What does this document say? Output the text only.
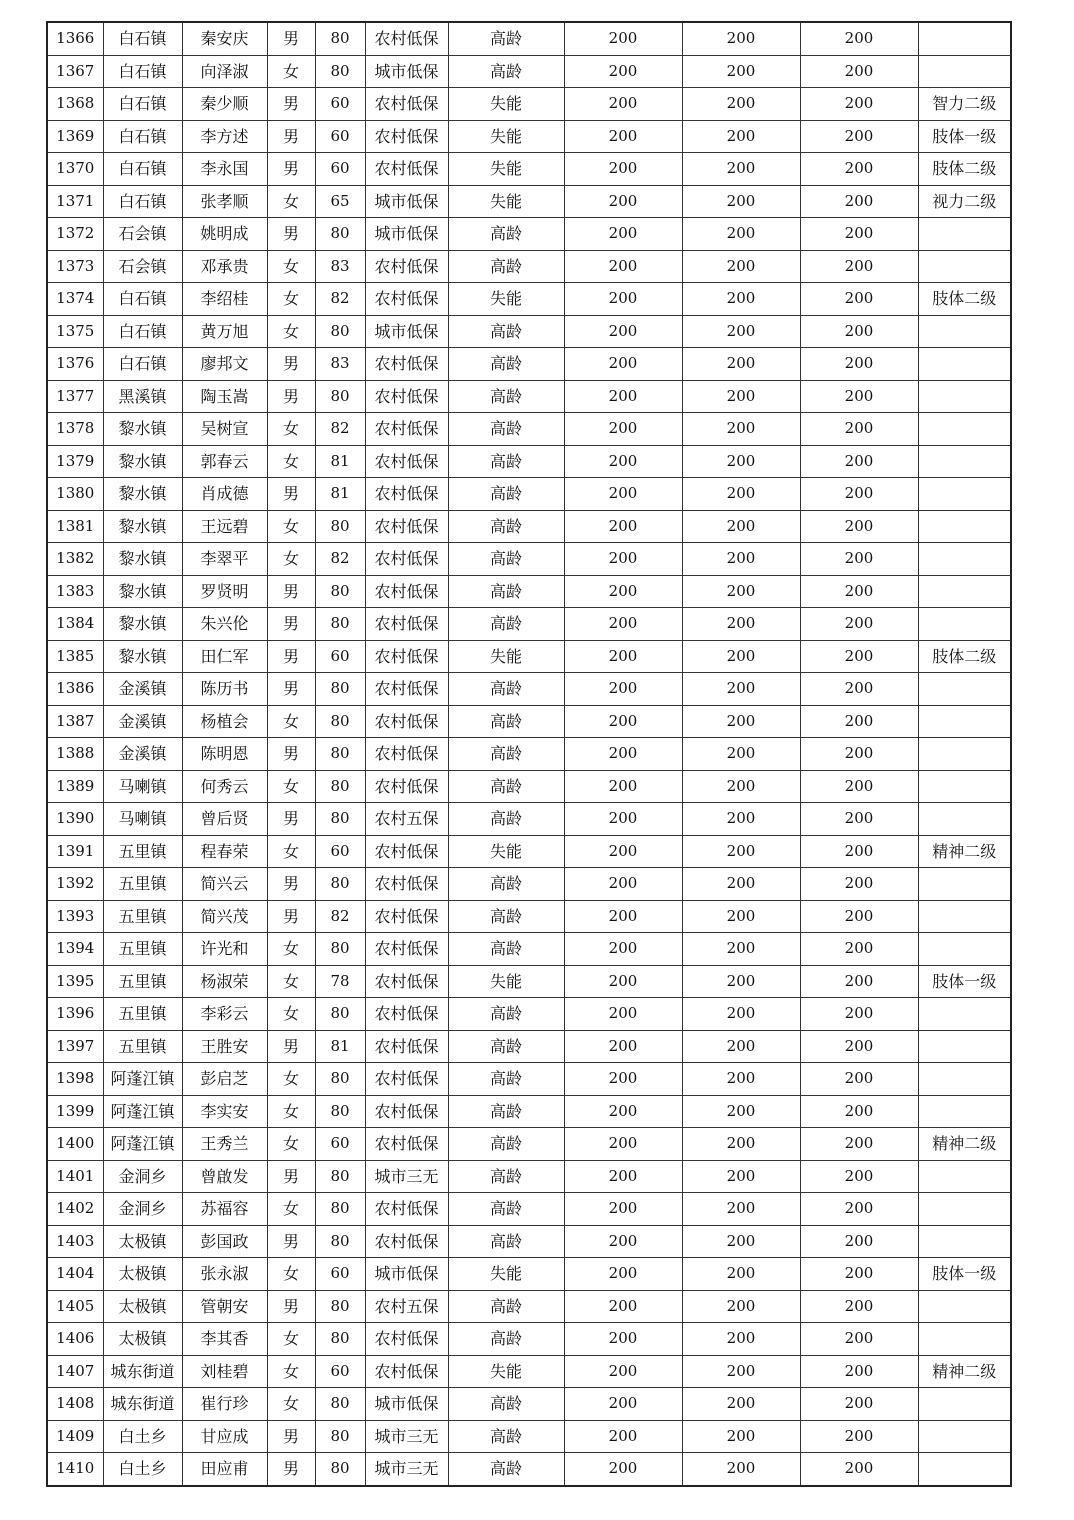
1366	白石镇	秦安庆	男	80	农村低保	高龄	200	200	200	
1367	白石镇	向泽淑	女	80	城市低保	高龄	200	200	200	
1368	白石镇	秦少顺	男	60	农村低保	失能	200	200	200	智力二级
1369	白石镇	李方述	男	60	农村低保	失能	200	200	200	肢体一级
1370	白石镇	李永国	男	60	农村低保	失能	200	200	200	肢体二级
1371	白石镇	张孝顺	女	65	城市低保	失能	200	200	200	视力二级
1372	石会镇	姚明成	男	80	城市低保	高龄	200	200	200	
1373	石会镇	邓承贵	女	83	农村低保	高龄	200	200	200	
1374	白石镇	李绍桂	女	82	农村低保	失能	200	200	200	肢体二级
1375	白石镇	黄万旭	女	80	城市低保	高龄	200	200	200	
1376	白石镇	廖邦文	男	83	农村低保	高龄	200	200	200	
1377	黑溪镇	陶玉嵩	男	80	农村低保	高龄	200	200	200	
1378	黎水镇	吴树宣	女	82	农村低保	高龄	200	200	200	
1379	黎水镇	郭春云	女	81	农村低保	高龄	200	200	200	
1380	黎水镇	肖成德	男	81	农村低保	高龄	200	200	200	
1381	黎水镇	王远碧	女	80	农村低保	高龄	200	200	200	
1382	黎水镇	李翠平	女	82	农村低保	高龄	200	200	200	
1383	黎水镇	罗贤明	男	80	农村低保	高龄	200	200	200	
1384	黎水镇	朱兴伦	男	80	农村低保	高龄	200	200	200	
1385	黎水镇	田仁军	男	60	农村低保	失能	200	200	200	肢体二级
1386	金溪镇	陈历书	男	80	农村低保	高龄	200	200	200	
1387	金溪镇	杨植会	女	80	农村低保	高龄	200	200	200	
1388	金溪镇	陈明恩	男	80	农村低保	高龄	200	200	200	
1389	马喇镇	何秀云	女	80	农村低保	高龄	200	200	200	
1390	马喇镇	曾后贤	男	80	农村五保	高龄	200	200	200	
1391	五里镇	程春荣	女	60	农村低保	失能	200	200	200	精神二级
1392	五里镇	简兴云	男	80	农村低保	高龄	200	200	200	
1393	五里镇	简兴茂	男	82	农村低保	高龄	200	200	200	
1394	五里镇	许光和	女	80	农村低保	高龄	200	200	200	
1395	五里镇	杨淑荣	女	78	农村低保	失能	200	200	200	肢体一级
1396	五里镇	李彩云	女	80	农村低保	高龄	200	200	200	
1397	五里镇	王胜安	男	81	农村低保	高龄	200	200	200	
1398	阿蓬江镇	彭启芝	女	80	农村低保	高龄	200	200	200	
1399	阿蓬江镇	李实安	女	80	农村低保	高龄	200	200	200	
1400	阿蓬江镇	王秀兰	女	60	农村低保	高龄	200	200	200	精神二级
1401	金洞乡	曾啟发	男	80	城市三无	高龄	200	200	200	
1402	金洞乡	苏福容	女	80	农村低保	高龄	200	200	200	
1403	太极镇	彭国政	男	80	农村低保	高龄	200	200	200	
1404	太极镇	张永淑	女	60	城市低保	失能	200	200	200	肢体一级
1405	太极镇	管朝安	男	80	农村五保	高龄	200	200	200	
1406	太极镇	李其香	女	80	农村低保	高龄	200	200	200	
1407	城东街道	刘桂碧	女	60	农村低保	失能	200	200	200	精神二级
1408	城东街道	崔行珍	女	80	城市低保	高龄	200	200	200	
1409	白土乡	甘应成	男	80	城市三无	高龄	200	200	200	
1410	白土乡	田应甫	男	80	城市三无	高龄	200	200	200	
